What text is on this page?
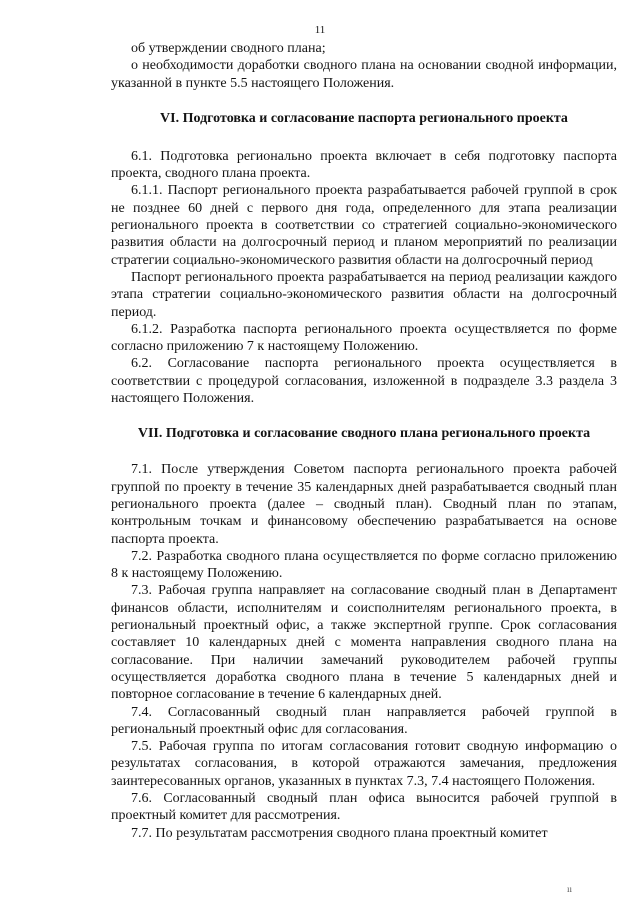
11

об утверждении сводного плана;

о необходимости доработки сводного плана на основании сводной информации, указанной в пункте 5.5 настоящего Положения.

VI. Подготовка и согласование паспорта регионального проекта

6.1. Подготовка регионально проекта включает в себя подготовку паспорта проекта, сводного плана проекта.

6.1.1. Паспорт регионального проекта разрабатывается рабочей группой в срок не позднее 60 дней с первого дня года, определенного для этапа реализации регионального проекта в соответствии со стратегией социально-экономического развития области на долгосрочный период и планом мероприятий по реализации стратегии социально-экономического развития области на долгосрочный период

Паспорт регионального проекта разрабатывается на период реализации каждого этапа стратегии социально-экономического развития области на долгосрочный период.

6.1.2. Разработка паспорта регионального проекта осуществляется по форме согласно приложению 7 к настоящему Положению.

6.2. Согласование паспорта регионального проекта осуществляется в соответствии с процедурой согласования, изложенной в подразделе 3.3 раздела 3 настоящего Положения.

VII. Подготовка и согласование сводного плана регионального проекта

7.1. После утверждения Советом паспорта регионального проекта рабочей группой по проекту в течение 35 календарных дней разрабатывается сводный план регионального проекта (далее – сводный план). Сводный план по этапам, контрольным точкам и финансовому обеспечению разрабатывается на основе паспорта проекта.

7.2. Разработка сводного плана осуществляется по форме согласно приложению 8 к настоящему Положению.

7.3. Рабочая группа направляет на согласование сводный план в Департамент финансов области, исполнителям и соисполнителям регионального проекта, в региональный проектный офис, а также экспертной группе. Срок согласования составляет 10 календарных дней с момента направления сводного плана на согласование. При наличии замечаний руководителем рабочей группы осуществляется доработка сводного плана в течение 5 календарных дней и повторное согласование в течение 6 календарных дней.

7.4. Согласованный сводный план направляется рабочей группой в региональный проектный офис для согласования.

7.5. Рабочая группа по итогам согласования готовит сводную информацию о результатах согласования, в которой отражаются замечания, предложения заинтересованных органов, указанных в пунктах 7.3, 7.4 настоящего Положения.

7.6. Согласованный сводный план офиса выносится рабочей группой в проектный комитет для рассмотрения.

7.7. По результатам рассмотрения сводного плана проектный комитет

ıı
